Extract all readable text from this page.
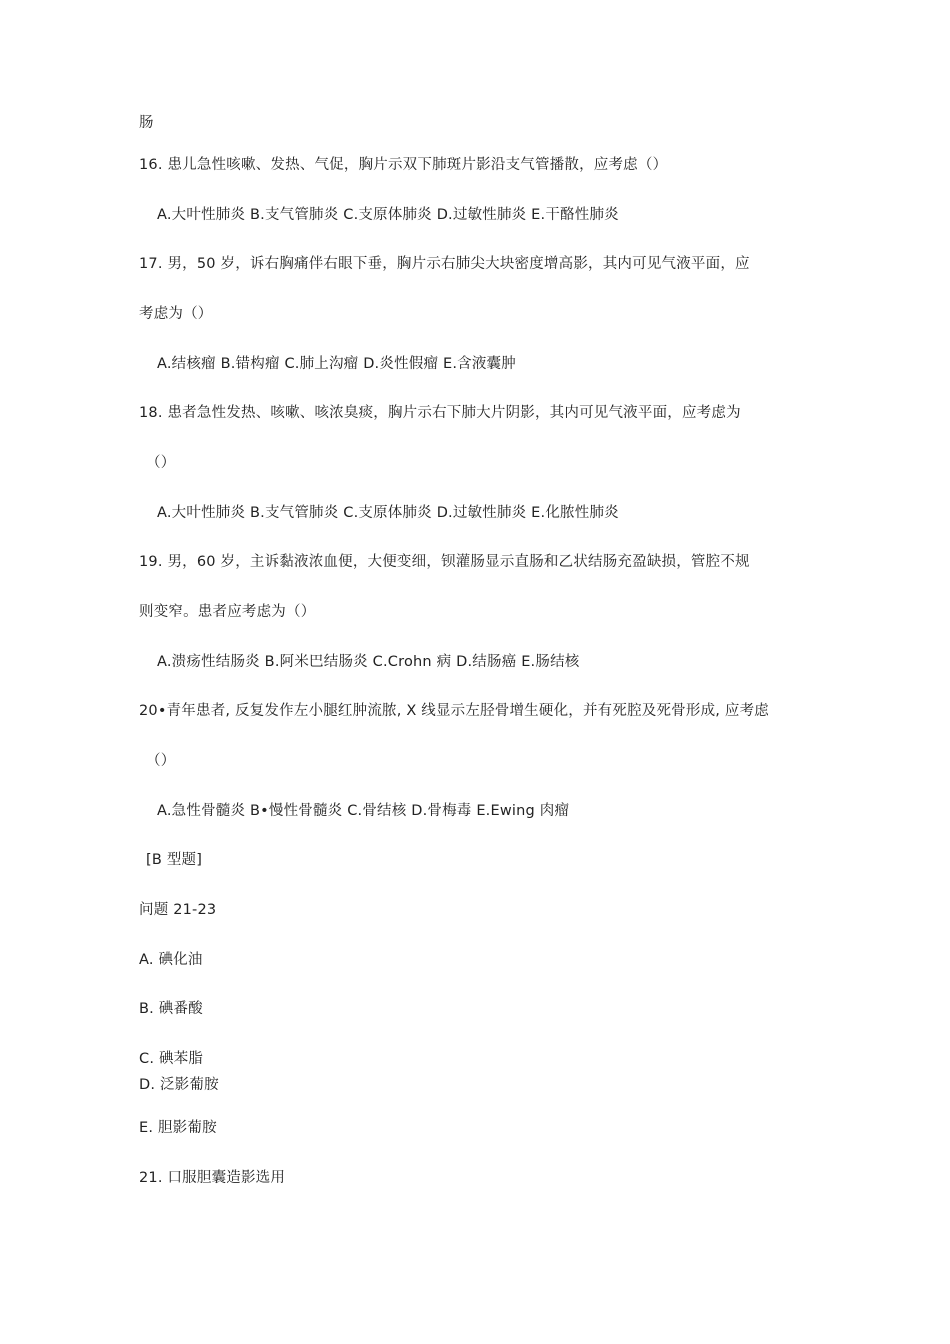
肠
16. 患儿急性咳嗽、发热、气促，胸片示双下肺斑片影沿支气管播散，应考虑（）
A.大叶性肺炎 B.支气管肺炎 C.支原体肺炎 D.过敏性肺炎 E.干酪性肺炎
17. 男，50 岁，诉右胸痛伴右眼下垂，胸片示右肺尖大块密度增高影，其内可见气液平面，应
考虑为（）
A.结核瘤 B.错构瘤 C.肺上沟瘤 D.炎性假瘤 E.含液囊肿
18. 患者急性发热、咳嗽、咳浓臭痰，胸片示右下肺大片阴影，其内可见气液平面，应考虑为
（）
A.大叶性肺炎 B.支气管肺炎 C.支原体肺炎 D.过敏性肺炎 E.化脓性肺炎
19. 男，60 岁，主诉黏液浓血便，大便变细，钡灌肠显示直肠和乙状结肠充盈缺损，管腔不规
则变窄。患者应考虑为（）
A.溃疡性结肠炎 B.阿米巴结肠炎 C.Crohn 病 D.结肠癌 E.肠结核
20•青年患者, 反复发作左小腿红肿流脓, X 线显示左胫骨增生硬化，并有死腔及死骨形成, 应考虑
（）
A.急性骨髓炎 B•慢性骨髓炎 C.骨结核 D.骨梅毒 E.Ewing 肉瘤
[B 型题]
问题 21-23
A. 碘化油
B. 碘番酸
C. 碘苯脂
D. 泛影葡胺
E. 胆影葡胺
21. 口服胆囊造影选用
